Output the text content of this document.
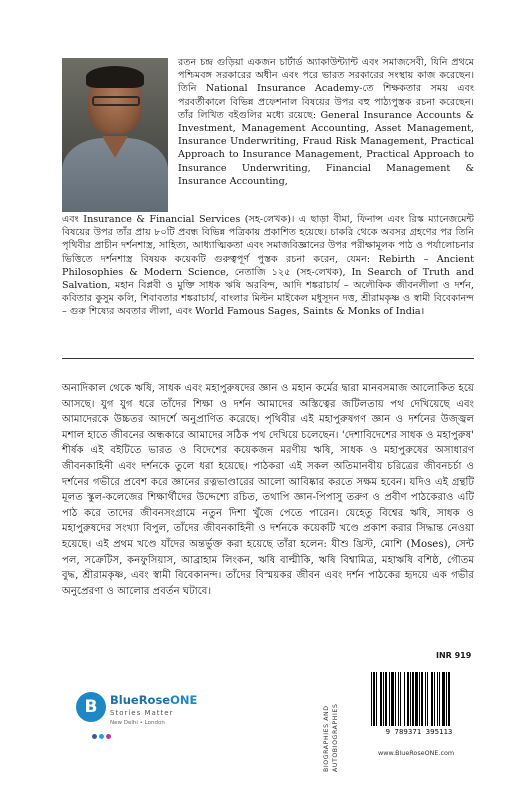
রতন চন্দ্র গুড়িয়া একজন চার্টার্ড অ্যাকাউন্ট্যান্ট এবং সমাজসেবী, যিনি প্রথমে পশ্চিমবঙ্গ সরকারের অধীন এবং পরে ভারত সরকারের সংস্থায় কাজ করেছেন। তিনি National Insurance Academy-তে শিক্ষকতার সময় এবং পরবর্তীকালে বিভিন্ন প্রফেশনাল বিষয়ের উপর বহু পাঠ্যপুস্তক রচনা করেছেন। তাঁর লিখিত বইগুলির মধ্যে রয়েছে: General Insurance Accounts & Investment, Management Accounting, Asset Management, Insurance Underwriting, Fraud Risk Management, Practical Approach to Insurance Management, Practical Approach to Insurance Underwriting, Financial Management & Insurance Accounting,

এবং Insurance & Financial Services (সহ-লেখক)। এ ছাড়া বীমা, ফিনান্স এবং রিস্ক ম্যানেজমেন্ট বিষয়ের উপর তাঁর প্রায় ৮০টি প্রবন্ধ বিভিন্ন পত্রিকায় প্রকাশিত হয়েছে। চাকরি থেকে অবসর গ্রহণের পর তিনি পৃথিবীর প্রাচীন দর্শনশাস্ত্র, সাহিত্য, আধ্যাত্মিকতা এবং সমাজবিজ্ঞানের উপর পরীক্ষামূলক পাঠ ও পর্যালোচনার ভিত্তিতে দর্শনশাস্ত্র বিষয়ক কয়েকটি গুরুত্বপূর্ণ পুস্তক রচনা করেন, যেমন: Rebirth – Ancient Philosophies & Modern Science, নেতাজি ১২৫ (সহ-লেখক), In Search of Truth and Salvation, মহান বিপ্লবী ও মুক্তি সাধক ঋষি অরবিন্দ, আদি শঙ্করাচার্য – অলৌকিক জীবনলীলা ও দর্শন, কবিতার কুসুম কলি, শিবাবতার শঙ্করাচার্য, বাংলার মিল্টন মাইকেল মধুসূদন দত্ত, শ্রীরামকৃষ্ণ ও স্বামী বিবেকানন্দ – গুরু শিষ্যের অবতার লীলা, এবং World Famous Sages, Saints & Monks of India।

অনাদিকাল থেকে ঋষি, সাধক এবং মহাপুরুষদের জ্ঞান ও মহান কর্মের দ্বারা মানবসমাজ আলোকিত হয়ে আসছে। যুগ যুগ ধরে তাঁদের শিক্ষা ও দর্শন আমাদের অস্তিত্বের জটিলতায় পথ দেখিয়েছে এবং আমাদেরকে উচ্চতর আদর্শে অনুপ্রাণিত করেছে। পৃথিবীর এই মহাপুরুষগণ জ্ঞান ও দর্শনের উজ্জ্বল মশাল হাতে জীবনের অন্ধকারে আমাদের সঠিক পথ দেখিয়ে চলেছেন। 'দেশাবিদেশের সাধক ও মহাপুরুষ' শীর্ষক এই বইটিতে ভারত ও বিদেশের কয়েকজন মরণীয় ঋষি, সাধক ও মহাপুরুষের অসাধারণ জীবনকাহিনী এবং দর্শনকে তুলে ধরা হয়েছে। পাঠকরা এই সকল অতিমানবীয় চরিত্রের জীবনচর্চা ও দর্শনের গভীরে প্রবেশ করে জ্ঞানের রত্নভাণ্ডারের আলো আবিষ্কার করতে সক্ষম হবেন। যদিও এই গ্রন্থটি মূলত স্কুল-কলেজের শিক্ষার্থীদের উদ্দেশ্যে রচিত, তথাপি জ্ঞান-পিপাসু তরুণ ও প্রবীণ পাঠকেরাও এটি পাঠ করে তাদের জীবনসংগ্রামে নতুন দিশা খুঁজে পেতে পারেন। যেহেতু বিশ্বের ঋষি, সাধক ও মহাপুরুষদের সংখ্যা বিপুল, তাঁদের জীবনকাহিনী ও দর্শনকে কয়েকটি খণ্ডে প্রকাশ করার সিদ্ধান্ত নেওয়া হয়েছে। এই প্রথম খণ্ডে যাঁদের অন্তর্ভুক্ত করা হয়েছে তাঁরা হলেন: যীশু খ্রিস্ট, মোশি (Moses), সেন্ট পল, সক্রেটিস, কনফুসিয়াস, আব্রাহাম লিংকন, ঋষি বাল্মীকি, ঋষি বিশ্বামিত্র, মহাঋষি বশিষ্ঠ, গৌতম বুদ্ধ, শ্রীরামকৃষ্ণ, এবং স্বামী বিবেকানন্দ। তাঁদের বিস্ময়কর জীবন এবং দর্শন পাঠকের হৃদয়ে এক গভীর অনুপ্রেরণা ও আলোর প্রবর্তন ঘটাবে।

INR 919
B	BlueRoseONE
Stories Matter
New Delhi • London	BIOGRAPHIES AND AUTOBIOGRAPHIES	9 789371 395113
www.BlueRoseONE.com
